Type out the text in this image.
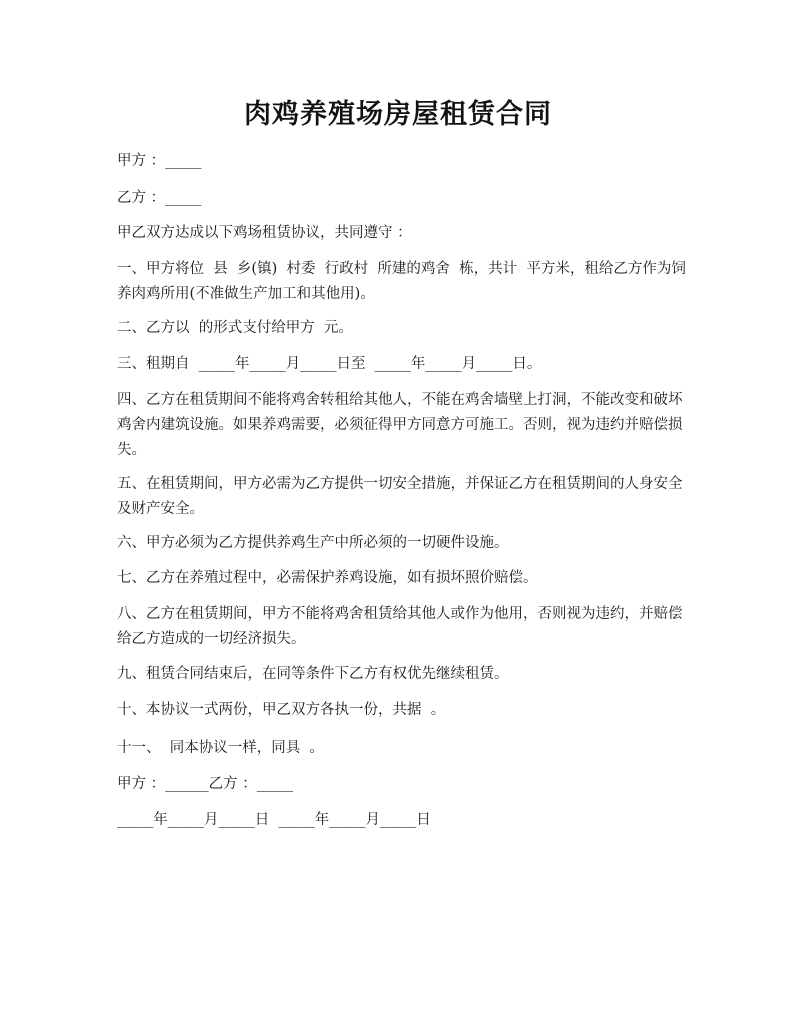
肉鸡养殖场房屋租赁合同

甲方 ：_____

乙方 ：_____

甲乙双方达成以下鸡场租赁协议，共同遵守 ：

一、甲方将位  县  乡(镇)  村委  行政村  所建的鸡舍  栋，共计  平方米，租给乙方作为饲养肉鸡所用(不准做生产加工和其他用)。

二、乙方以  的形式支付给甲方  元。

三、租期自  _____年_____月_____日至  _____年_____月_____日。

四、乙方在租赁期间不能将鸡舍转租给其他人，不能在鸡舍墙壁上打洞，不能改变和破坏鸡舍内建筑设施。如果养鸡需要，必须征得甲方同意方可施工。否则，视为违约并赔偿损失。

五、在租赁期间，甲方必需为乙方提供一切安全措施，并保证乙方在租赁期间的人身安全及财产安全。

六、甲方必须为乙方提供养鸡生产中所必须的一切硬件设施。

七、乙方在养殖过程中，必需保护养鸡设施，如有损坏照价赔偿。

八、乙方在租赁期间，甲方不能将鸡舍租赁给其他人或作为他用，否则视为违约，并赔偿给乙方造成的一切经济损失。

九、租赁合同结束后，在同等条件下乙方有权优先继续租赁。

十、本协议一式两份，甲乙双方各执一份，共据  。

十一、  同本协议一样，同具  。

甲方 ：______乙方 ：_____

_____年_____月_____日  _____年_____月_____日
